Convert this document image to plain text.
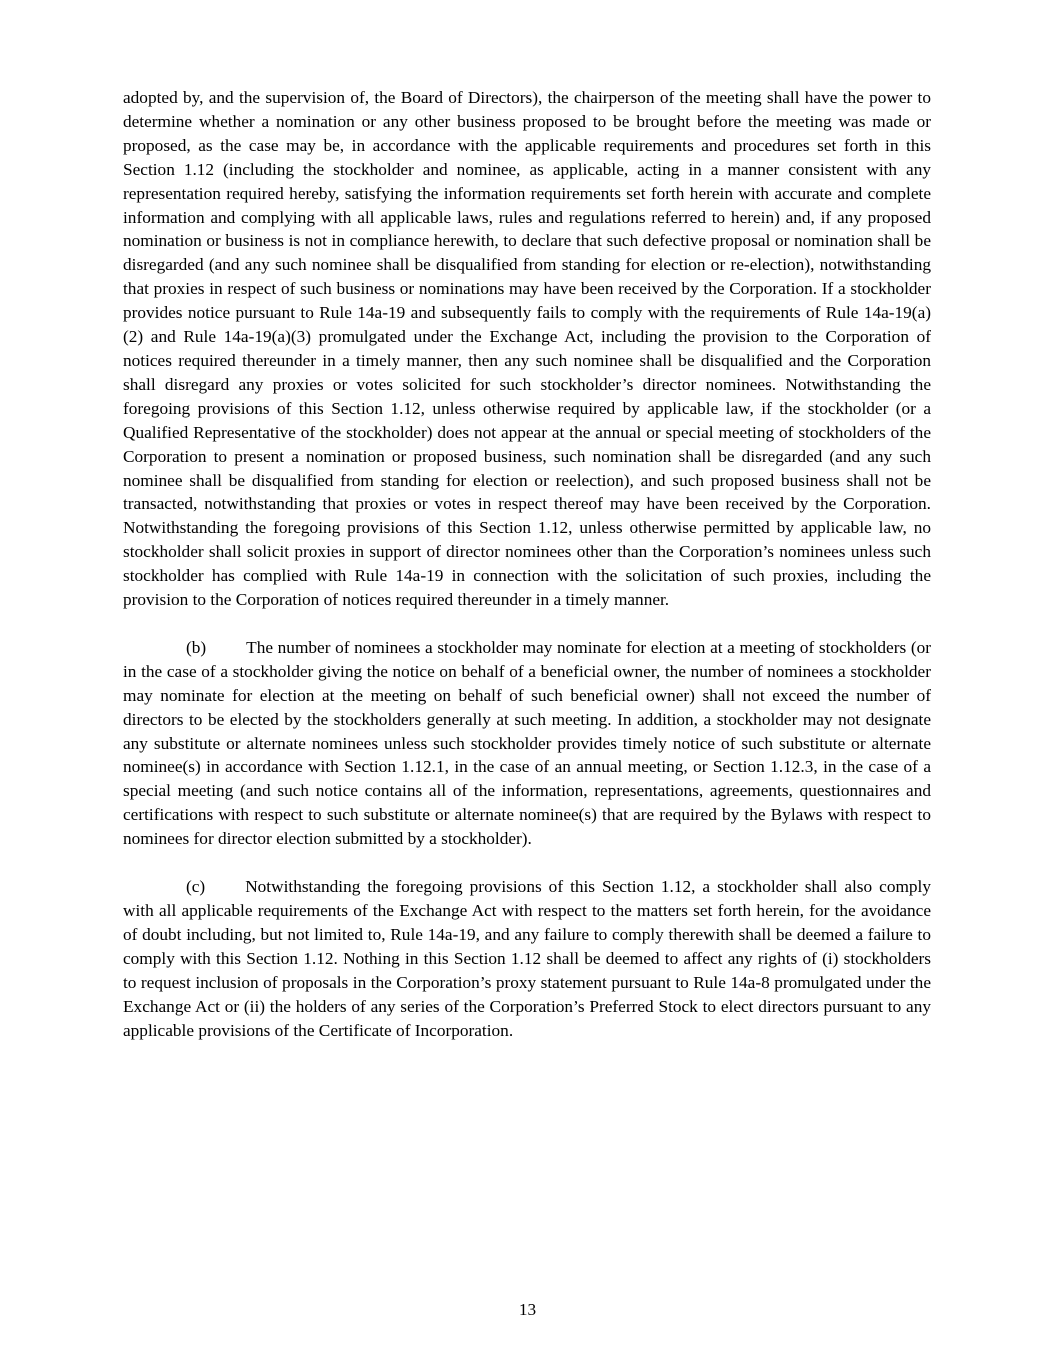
adopted by, and the supervision of, the Board of Directors), the chairperson of the meeting shall have the power to determine whether a nomination or any other business proposed to be brought before the meeting was made or proposed, as the case may be, in accordance with the applicable requirements and procedures set forth in this Section 1.12 (including the stockholder and nominee, as applicable, acting in a manner consistent with any representation required hereby, satisfying the information requirements set forth herein with accurate and complete information and complying with all applicable laws, rules and regulations referred to herein) and, if any proposed nomination or business is not in compliance herewith, to declare that such defective proposal or nomination shall be disregarded (and any such nominee shall be disqualified from standing for election or re-election), notwithstanding that proxies in respect of such business or nominations may have been received by the Corporation. If a stockholder provides notice pursuant to Rule 14a-19 and subsequently fails to comply with the requirements of Rule 14a-19(a)(2) and Rule 14a-19(a)(3) promulgated under the Exchange Act, including the provision to the Corporation of notices required thereunder in a timely manner, then any such nominee shall be disqualified and the Corporation shall disregard any proxies or votes solicited for such stockholder’s director nominees. Notwithstanding the foregoing provisions of this Section 1.12, unless otherwise required by applicable law, if the stockholder (or a Qualified Representative of the stockholder) does not appear at the annual or special meeting of stockholders of the Corporation to present a nomination or proposed business, such nomination shall be disregarded (and any such nominee shall be disqualified from standing for election or reelection), and such proposed business shall not be transacted, notwithstanding that proxies or votes in respect thereof may have been received by the Corporation. Notwithstanding the foregoing provisions of this Section 1.12, unless otherwise permitted by applicable law, no stockholder shall solicit proxies in support of director nominees other than the Corporation’s nominees unless such stockholder has complied with Rule 14a-19 in connection with the solicitation of such proxies, including the provision to the Corporation of notices required thereunder in a timely manner.

(b) The number of nominees a stockholder may nominate for election at a meeting of stockholders (or in the case of a stockholder giving the notice on behalf of a beneficial owner, the number of nominees a stockholder may nominate for election at the meeting on behalf of such beneficial owner) shall not exceed the number of directors to be elected by the stockholders generally at such meeting. In addition, a stockholder may not designate any substitute or alternate nominees unless such stockholder provides timely notice of such substitute or alternate nominee(s) in accordance with Section 1.12.1, in the case of an annual meeting, or Section 1.12.3, in the case of a special meeting (and such notice contains all of the information, representations, agreements, questionnaires and certifications with respect to such substitute or alternate nominee(s) that are required by the Bylaws with respect to nominees for director election submitted by a stockholder).

(c) Notwithstanding the foregoing provisions of this Section 1.12, a stockholder shall also comply with all applicable requirements of the Exchange Act with respect to the matters set forth herein, for the avoidance of doubt including, but not limited to, Rule 14a-19, and any failure to comply therewith shall be deemed a failure to comply with this Section 1.12. Nothing in this Section 1.12 shall be deemed to affect any rights of (i) stockholders to request inclusion of proposals in the Corporation’s proxy statement pursuant to Rule 14a-8 promulgated under the Exchange Act or (ii) the holders of any series of the Corporation’s Preferred Stock to elect directors pursuant to any applicable provisions of the Certificate of Incorporation.

13
